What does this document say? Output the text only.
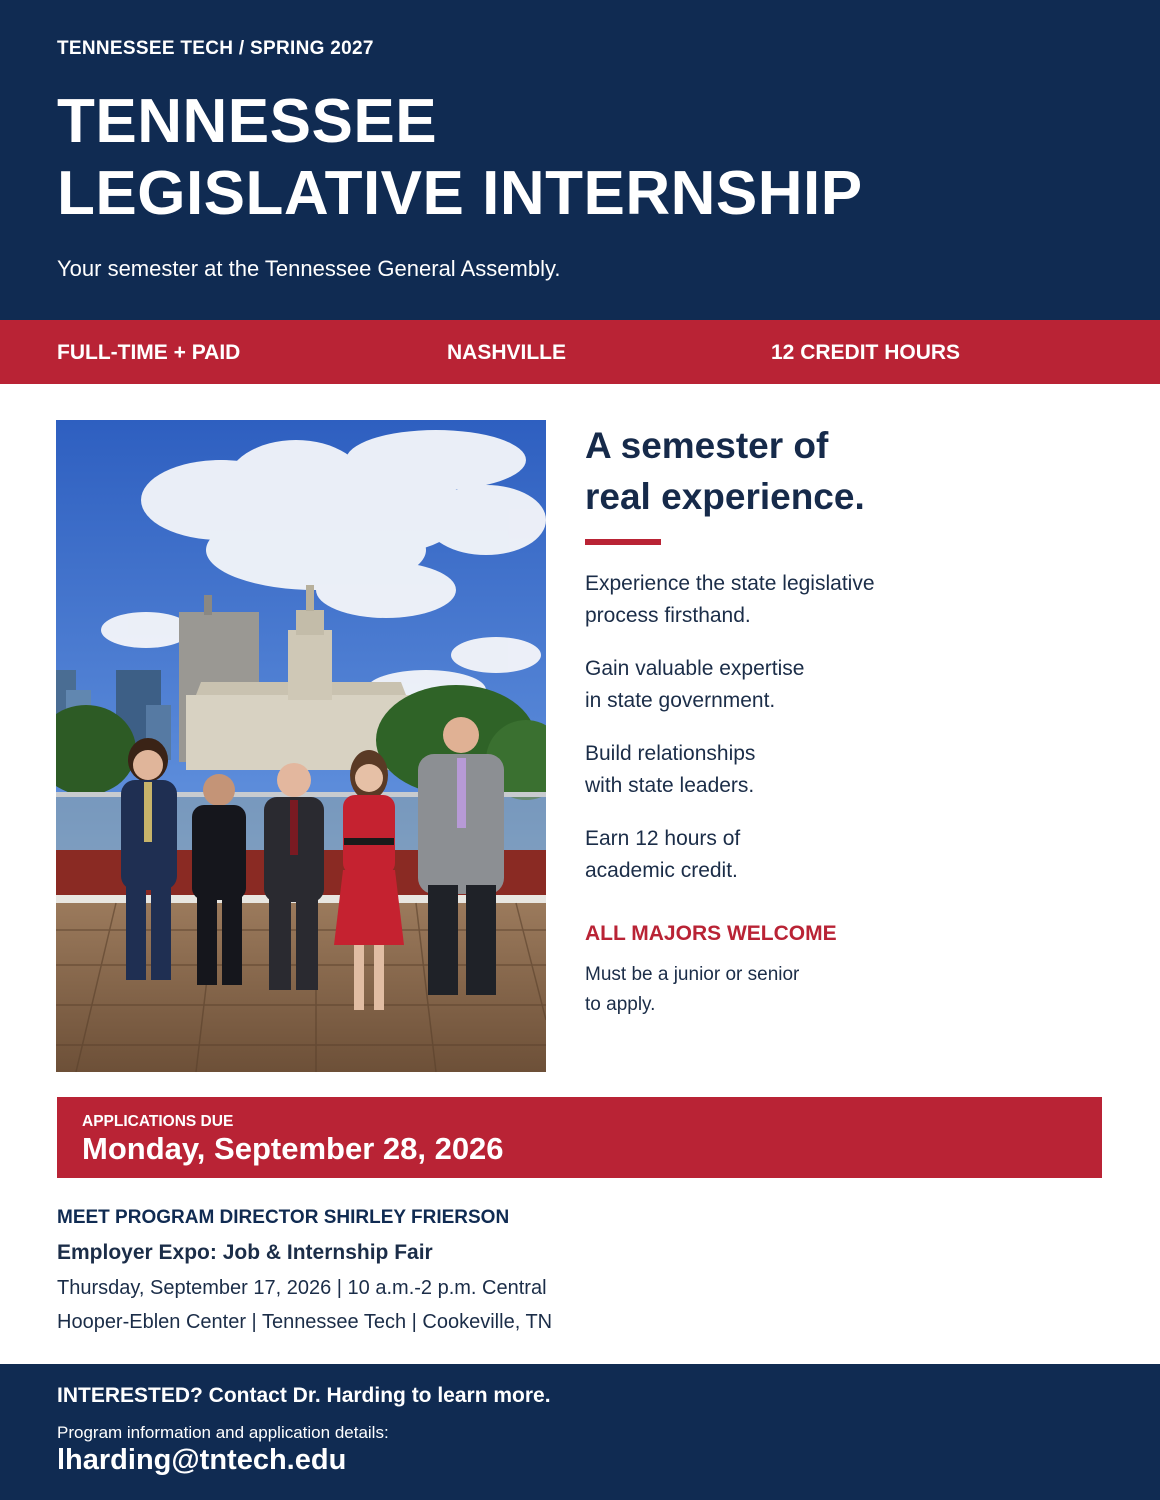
TENNESSEE TECH / SPRING 2027
TENNESSEE
LEGISLATIVE INTERNSHIP
Your semester at the Tennessee General Assembly.
FULL-TIME + PAID	NASHVILLE	12 CREDIT HOURS
A semester of
real experience.
Experience the state legislative
process firsthand.
Gain valuable expertise
in state government.
Build relationships
with state leaders.
Earn 12 hours of
academic credit.
ALL MAJORS WELCOME
Must be a junior or senior
to apply.
APPLICATIONS DUE
Monday, September 28, 2026
MEET PROGRAM DIRECTOR SHIRLEY FRIERSON
Employer Expo: Job & Internship Fair
Thursday, September 17, 2026 | 10 a.m.-2 p.m. Central
Hooper-Eblen Center | Tennessee Tech | Cookeville, TN
INTERESTED? Contact Dr. Harding to learn more.
Program information and application details:
lharding@tntech.edu
